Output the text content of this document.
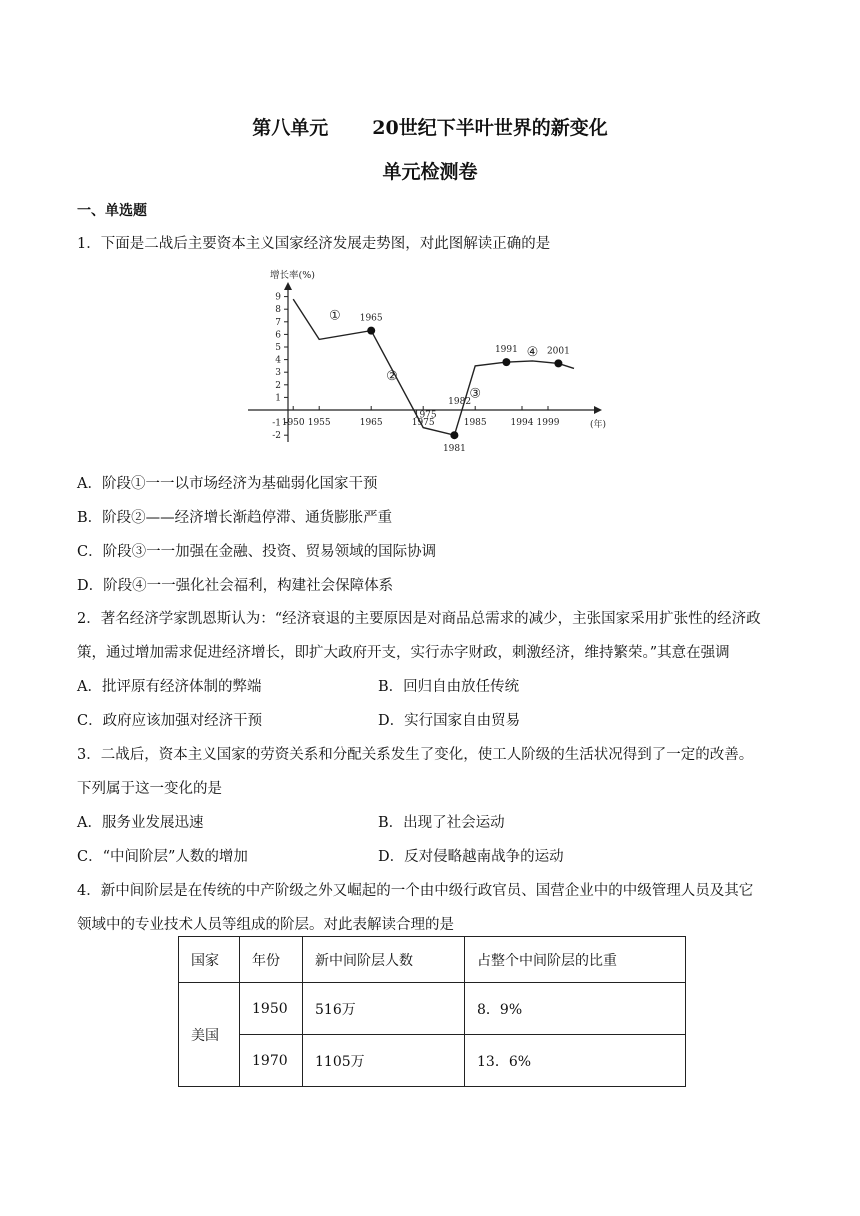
第八单元 20世纪下半叶世界的新变化
单元检测卷
一、单选题
1．下面是二战后主要资本主义国家经济发展走势图，对此图解读正确的是
增长率(%)
(年)
9
8
7
6
5
4
3
2
1
-1
-2
1950 1955	1965	1975
1982
1985	1994 1999
1965
1981
1991	2001
1975
①
②
③
④
A．阶段①一一以市场经济为基础弱化国家干预
B．阶段②——经济增长渐趋停滞、通货膨胀严重
C．阶段③一一加强在金融、投资、贸易领域的国际协调
D．阶段④一一强化社会福利，构建社会保障体系
2．著名经济学家凯恩斯认为：“经济衰退的主要原因是对商品总需求的减少，主张国家采用扩张性的经济政
策，通过增加需求促进经济增长，即扩大政府开支，实行赤字财政，刺激经济，维持繁荣。”其意在强调
A．批评原有经济体制的弊端	B．回归自由放任传统
C．政府应该加强对经济干预	D．实行国家自由贸易
3．二战后，资本主义国家的劳资关系和分配关系发生了变化，使工人阶级的生活状况得到了一定的改善。
下列属于这一变化的是
A．服务业发展迅速	B．出现了社会运动
C．“中间阶层”人数的增加	D．反对侵略越南战争的运动
4．新中间阶层是在传统的中产阶级之外又崛起的一个由中级行政官员、国营企业中的中级管理人员及其它
领域中的专业技术人员等组成的阶层。对此表解读合理的是
国家	年份	新中间阶层人数	占整个中间阶层的比重
美国	1950	516万	8．9%
	1970	1105万	13．6%
